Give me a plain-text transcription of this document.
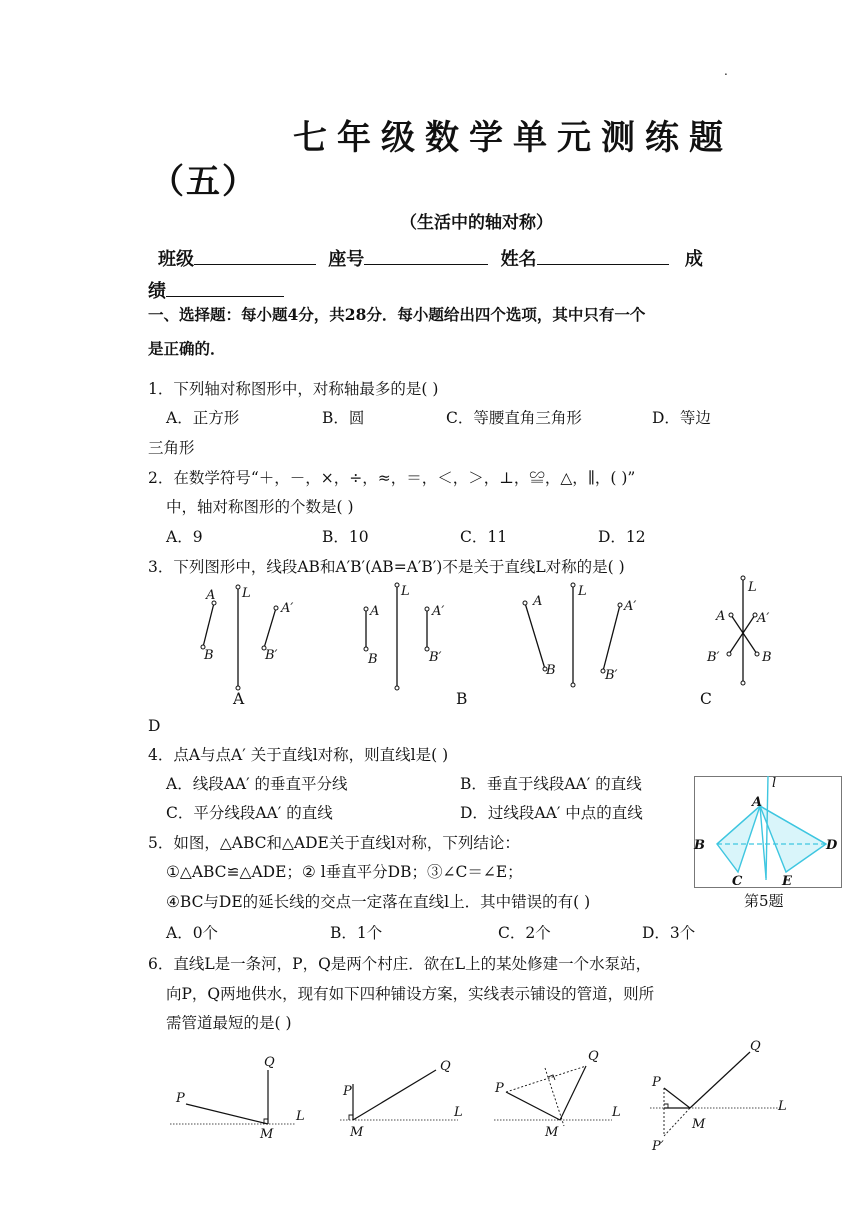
.
七年级数学单元测练题
（五）
（生活中的轴对称）
班级	座号	姓名	成
绩
一、选择题：每小题4分，共28分．每小题给出四个选项，其中只有一个
是正确的．
1．下列轴对称图形中，对称轴最多的是( )
A．正方形	B．圆	C．等腰直角三角形	D．等边
三角形
2．在数学符号“＋，－，×，÷，≈，＝，＜，＞，⊥，≌，△，∥，( )”
中，轴对称图形的个数是( )
A．9	B．10	C．11	D．12
3．下列图形中，线段AB和A′B′(AB=A′B′)不是关于直线L对称的是( )
L
A
B
A′
B′
L
A
B
A′
B′
L
A
B
A′
B′
L
A A′
B′	B
A	B	C
D
4．点A与点A′ 关于直线l对称，则直线l是( )
A．线段AA′ 的垂直平分线	B．垂直于线段AA′ 的直线
C．平分线段AA′ 的直线	D．过线段AA′ 中点的直线
5．如图，△ABC和△ADE关于直线l对称，下列结论：
①△ABC≌△ADE；② l垂直平分DB；③∠C＝∠E；
④BC与DE的延长线的交点一定落在直线l上．其中错误的有( )
A．0个	B．1个	C．2个	D．3个
l
A
B	D
C	E
第5题
6．直线L是一条河，P，Q是两个村庄．欲在L上的某处修建一个水泵站，
向P，Q两地供水，现有如下四种铺设方案，实线表示铺设的管道，则所
需管道最短的是( )
Q
P
L
M
P
Q
L
M
P
Q
L
M
P
Q
L
M
P′
